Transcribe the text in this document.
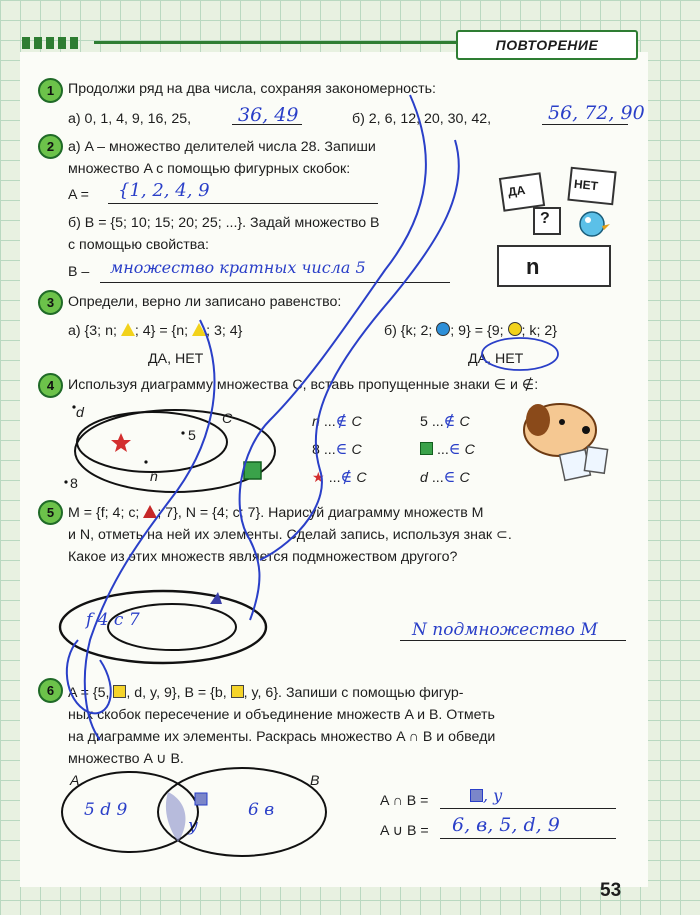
ПОВТОРЕНИЕ
1 Продолжи ряд на два числа, сохраняя закономерность:
а) 0, 1, 4, 9, 16, 25, 36, 49	б) 2, 6, 12, 20, 30, 42,	56, 72, 90
2 а) A – множество делителей числа 28. Запиши
множество A с помощью фигурных скобок:
A = {1, 2, 4, 9
б) B = {5; 10; 15; 20; 25; ...}. Задай множество B
с помощью свойства:
B – множество кратных числа 5
3 Определи, верно ли записано равенство:
а) {3; n; ; 4} = {n; ; 3; 4}
ДА, НЕТ
б) {k; 2; ; 9} = {9; ; k; 2}
ДА, НЕТ
4 Используя диаграмму множества C, вставь пропущенные знаки ∈ и ∉:
d
5
n
8
C	n ...∉ C	5 ...∉ C
8 ...∈ C	...∈ C
★ ...∉ C	d ...∈ C
5 M = {f; 4; c; ; 7}, N = {4; c; 7}. Нарисуй диаграмму множеств M
и N, отметь на ней их элементы. Сделай запись, используя знак ⊂.
Какое из этих множеств является подмножеством другого?
N подмножество M
f 4 c 7
6 A = {5, , d, y, 9}, B = {b, , y, 6}. Запиши с помощью фигур-
ных скобок пересечение и объединение множеств A и B. Отметь
на диаграмме их элементы. Раскрась множество A ∩ B и обведи
множество A ∪ B.
A	B
5 d 9
y
6 в	A ∩ B =	, y
A ∪ B = 6, в, 5, d, 9
53
ДА	НЕТ
?
n
